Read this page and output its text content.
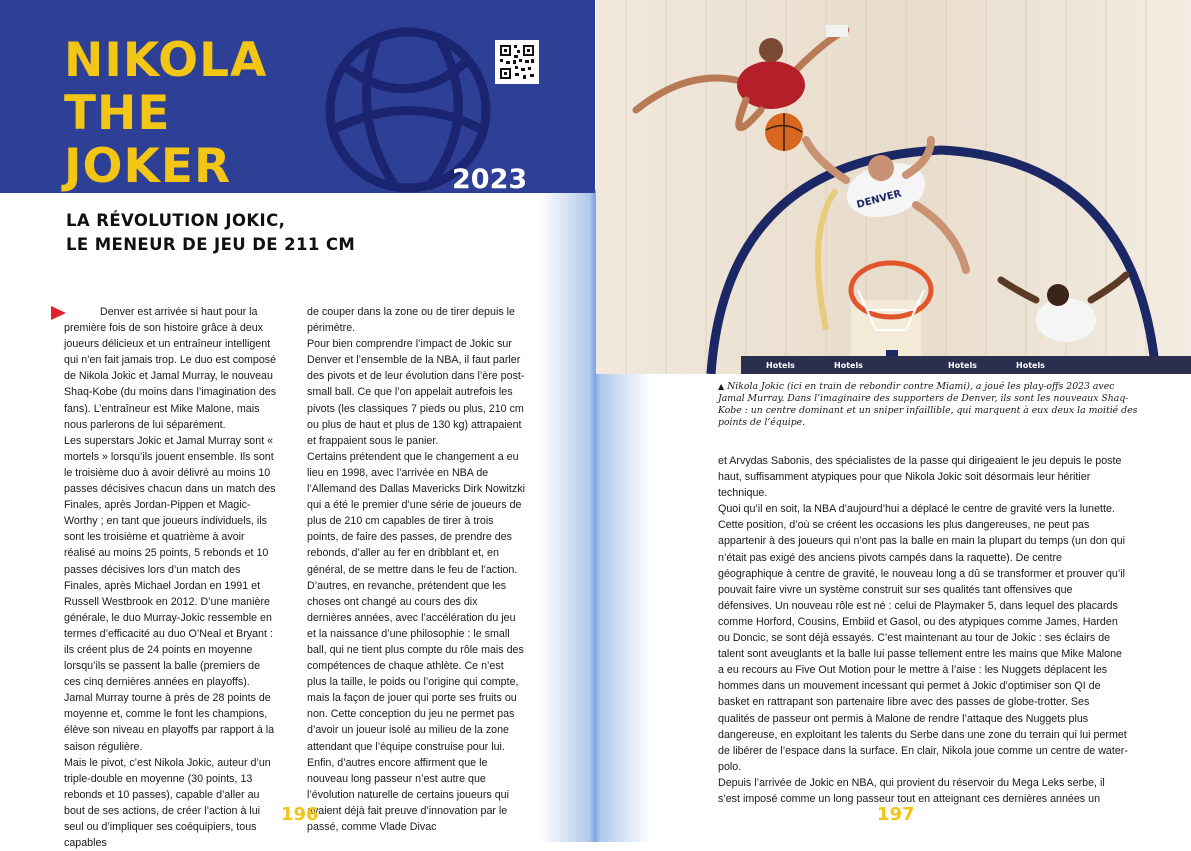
NIKOLA
THE
JOKER	2023
LA RÉVOLUTION JOKIC,
LE MENEUR DE JEU DE 211 CM

Denver est arrivée si haut pour la première fois de son histoire grâce à deux joueurs délicieux et un entraîneur intelligent qui n’en fait jamais trop. Le duo est composé de Nikola Jokic et Jamal Murray, le nouveau Shaq-Kobe (du moins dans l’imagination des fans). L’entraîneur est Mike Malone, mais nous parlerons de lui séparément.

Les superstars Jokic et Jamal Murray sont « mortels » lorsqu’ils jouent ensemble. Ils sont le troisième duo à avoir délivré au moins 10 passes décisives chacun dans un match des Finales, après Jordan-Pippen et Magic-Worthy ; en tant que joueurs individuels, ils sont les troisième et quatrième à avoir réalisé au moins 25 points, 5 rebonds et 10 passes décisives lors d’un match des Finales, après Michael Jordan en 1991 et Russell Westbrook en 2012. D’une manière générale, le duo Murray-Jokic ressemble en termes d’efficacité au duo O’Neal et Bryant : ils créent plus de 24 points en moyenne lorsqu’ils se passent la balle (premiers de ces cinq dernières années en playoffs). Jamal Murray tourne à près de 28 points de moyenne et, comme le font les champions, élève son niveau en playoffs par rapport à la saison régulière.

Mais le pivot, c’est Nikola Jokic, auteur d’un triple-double en moyenne (30 points, 13 rebonds et 10 passes), capable d’aller au bout de ses actions, de créer l’action à lui seul ou d’impliquer ses coéquipiers, tous capables

de couper dans la zone ou de tirer depuis le périmètre.

Pour bien comprendre l’impact de Jokic sur Denver et l’ensemble de la NBA, il faut parler des pivots et de leur évolution dans l’ère post-small ball. Ce que l’on appelait autrefois les pivots (les classiques 7 pieds ou plus, 210 cm ou plus de haut et plus de 130 kg) attrapaient et frappaient sous le panier.

Certains prétendent que le changement a eu lieu en 1998, avec l’arrivée en NBA de l’Allemand des Dallas Mavericks Dirk Nowitzki qui a été le premier d’une série de joueurs de plus de 210 cm capables de tirer à trois points, de faire des passes, de prendre des rebonds, d’aller au fer en dribblant et, en général, de se mettre dans le feu de l’action. D’autres, en revanche, prétendent que les choses ont changé au cours des dix dernières années, avec l’accélération du jeu et la naissance d’une philosophie : le small ball, qui ne tient plus compte du rôle mais des compétences de chaque athlète. Ce n’est plus la taille, le poids ou l’origine qui compte, mais la façon de jouer qui porte ses fruits ou non. Cette conception du jeu ne permet pas d’avoir un joueur isolé au milieu de la zone attendant que l’équipe construise pour lui. Enfin, d’autres encore affirment que le nouveau long passeur n’est autre que l’évolution naturelle de certains joueurs qui avaient déjà fait preuve d’innovation par le passé, comme Vlade Divac

196
Hotels	Hotels	Hotels	Hotels
DENVER

▲ Nikola Jokic (ici en train de rebondir contre Miami), a joué les play-offs 2023 avec Jamal Murray. Dans l’imaginaire des supporters de Denver, ils sont les nouveaux Shaq-Kobe : un centre dominant et un sniper infaillible, qui marquent à eux deux la moitié des points de l’équipe.

et Arvydas Sabonis, des spécialistes de la passe qui dirigeaient le jeu depuis le poste haut, suffisamment atypiques pour que Nikola Jokic soit désormais leur héritier technique.

Quoi qu’il en soit, la NBA d’aujourd’hui a déplacé le centre de gravité vers la lunette. Cette position, d’où se créent les occasions les plus dangereuses, ne peut pas appartenir à des joueurs qui n’ont pas la balle en main la plupart du temps (un don qui n’était pas exigé des anciens pivots campés dans la raquette). De centre géographique à centre de gravité, le nouveau long a dû se transformer et prouver qu’il pouvait faire vivre un système construit sur ses qualités tant offensives que défensives. Un nouveau rôle est né : celui de Playmaker 5, dans lequel des placards comme Horford, Cousins, Embiid et Gasol, ou des atypiques comme James, Harden ou Doncic, se sont déjà essayés. C’est maintenant au tour de Jokic : ses éclairs de talent sont aveuglants et la balle lui passe tellement entre les mains que Mike Malone a eu recours au Five Out Motion pour le mettre à l’aise : les Nuggets déplacent les hommes dans un mouvement incessant qui permet à Jokic d’optimiser son QI de basket en rattrapant son partenaire libre avec des passes de globe-trotter. Ses qualités de passeur ont permis à Malone de rendre l’attaque des Nuggets plus dangereuse, en exploitant les talents du Serbe dans une zone du terrain qui lui permet de libérer de l’espace dans la surface. En clair, Nikola joue comme un centre de water-polo.

Depuis l’arrivée de Jokic en NBA, qui provient du réservoir du Mega Leks serbe, il s’est imposé comme un long passeur tout en atteignant ces dernières années un

197
